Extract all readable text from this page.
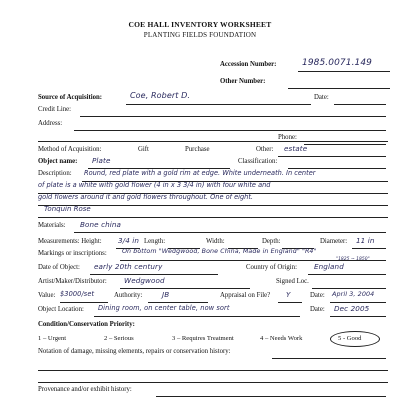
COE HALL INVENTORY WORKSHEET
PLANTING FIELDS FOUNDATION
Accession Number:	1985.0071.149
Other Number:
Source of Acquisition:	Coe, Robert D.	Date:
Credit Line:
Address:
Phone:
Method of Acquisition:	Gift	Purchase	Other: estate
Object name: Plate	Classification:
Description: Round, red plate with a gold rim at edge. White underneath. In center
of plate is a white with gold flower (4 in x 3 3/4 in) with four white and
gold flowers around it and gold flowers throughout. One of eight.
Tonquin Rose
Materials: Bone china
Measurements: Height: 3/4 in Length:	Width:	Depth:	Diameter: 11 in
Markings or inscriptions: On bottom "Wedgwood, Bone China, Made in England" "R4"
"1825 ~ 1850"
Date of Object: early 20th century	Country of Origin: England
Artist/Maker/Distributor: Wedgwood	Signed Loc.
Value: $3000/set	Authority:	JB	Appraisal on File? Y	Date: April 3, 2004
Object Location: Dining room, on center table, now sort	Date: Dec 2005
Condition/Conservation Priority:
1 – Urgent	2 – Serious	3 – Requires Treatment	4 – Needs Work	5 - Good
Notation of damage, missing elements, repairs or conservation history:
Provenance and/or exhibit history:
